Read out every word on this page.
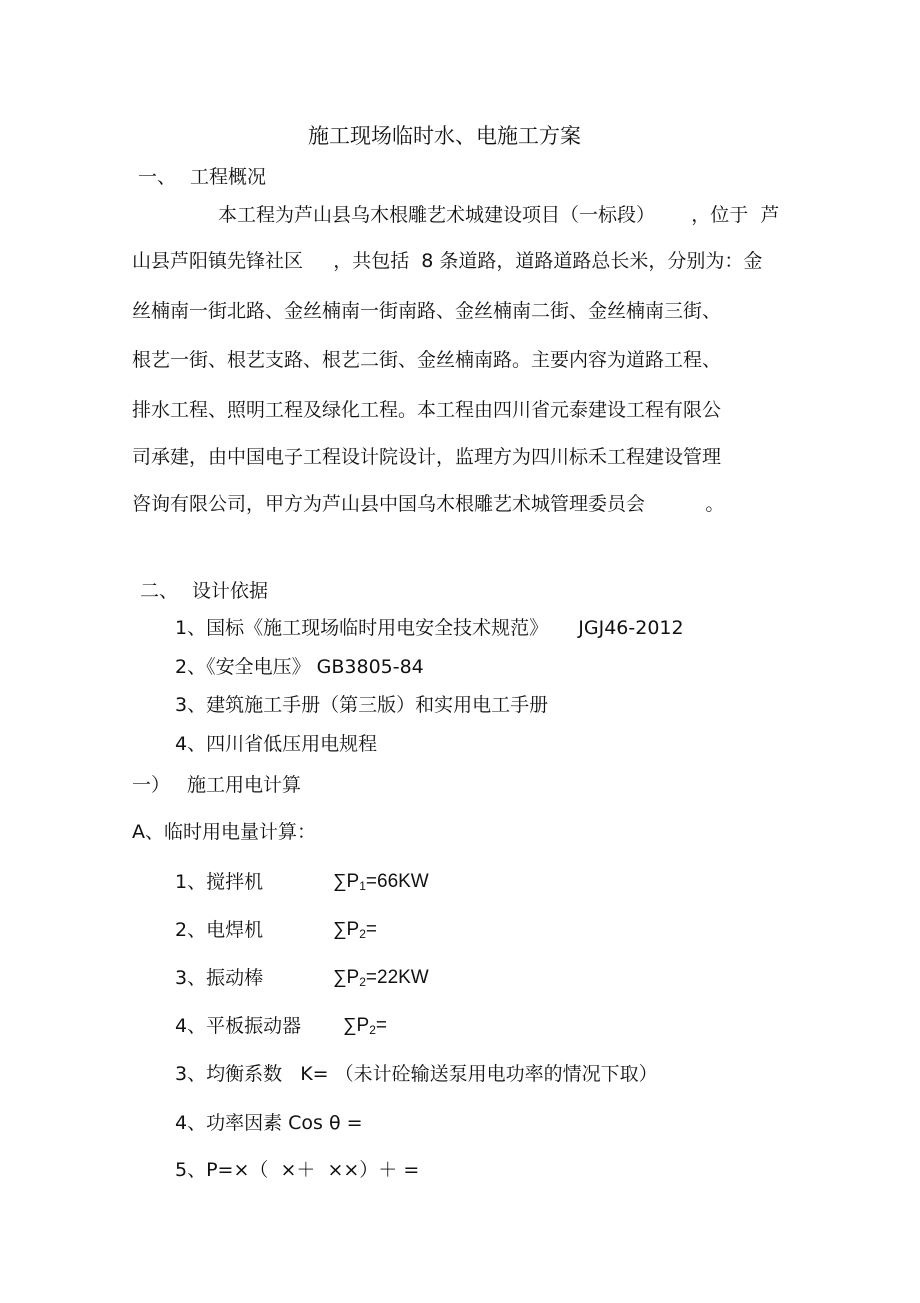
施工现场临时水、电施工方案
一、 工程概况
本工程为芦山县乌木根雕艺术城建设项目（一标段）      ，位于  芦
山县芦阳镇先锋社区     ，共包括  8 条道路，道路道路总长米，分别为：金
丝楠南一街北路、金丝楠南一街南路、金丝楠南二街、金丝楠南三街、
根艺一街、根艺支路、根艺二街、金丝楠南路。主要内容为道路工程、
排水工程、照明工程及绿化工程。本工程由四川省元泰建设工程有限公
司承建，由中国电子工程设计院设计，监理方为四川标禾工程建设管理
咨询有限公司，甲方为芦山县中国乌木根雕艺术城管理委员会          。
二、 设计依据
1、国标《施工现场临时用电安全技术规范》     JGJ46-2012
2、《安全电压》 GB3805-84
3、建筑施工手册（第三版）和实用电工手册
4、四川省低压用电规程
一） 施工用电计算
A、临时用电量计算：
1、搅拌机	$\sum P_1=66KW$
2、电焊机	$\sum P_2=$
3、振动棒	$\sum P_2=22KW$
4、平板振动器 $\sum P_2=$
3、均衡系数   K= （未计砼输送泵用电功率的情况下取）
4、功率因素 Cos θ =
5、P=×（  ×＋  ××）＋ =
